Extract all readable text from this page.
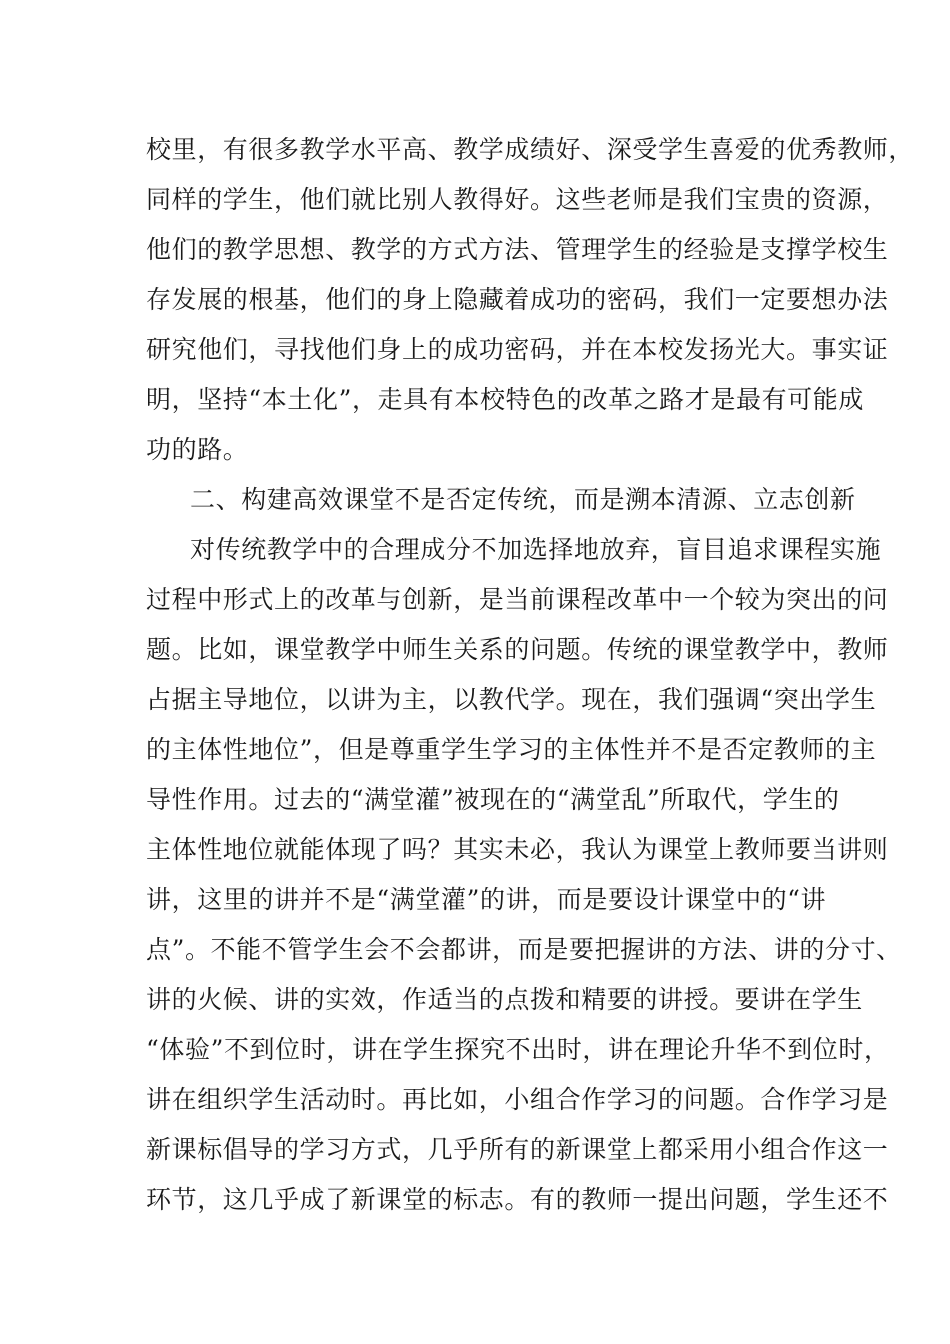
校里，有很多教学水平高、教学成绩好、深受学生喜爱的优秀教师，
同样的学生，他们就比别人教得好。这些老师是我们宝贵的资源，
他们的教学思想、教学的方式方法、管理学生的经验是支撑学校生
存发展的根基，他们的身上隐藏着成功的密码，我们一定要想办法
研究他们，寻找他们身上的成功密码，并在本校发扬光大。事实证
明，坚持“本土化”，走具有本校特色的改革之路才是最有可能成
功的路。
二、构建高效课堂不是否定传统，而是溯本清源、立志创新
对传统教学中的合理成分不加选择地放弃，盲目追求课程实施
过程中形式上的改革与创新，是当前课程改革中一个较为突出的问
题。比如，课堂教学中师生关系的问题。传统的课堂教学中，教师
占据主导地位，以讲为主，以教代学。现在，我们强调“突出学生
的主体性地位”，但是尊重学生学习的主体性并不是否定教师的主
导性作用。过去的“满堂灌”被现在的“满堂乱”所取代，学生的
主体性地位就能体现了吗？其实未必，我认为课堂上教师要当讲则
讲，这里的讲并不是“满堂灌”的讲，而是要设计课堂中的“讲
点”。不能不管学生会不会都讲，而是要把握讲的方法、讲的分寸、
讲的火候、讲的实效，作适当的点拨和精要的讲授。要讲在学生
“体验”不到位时，讲在学生探究不出时，讲在理论升华不到位时，
讲在组织学生活动时。再比如，小组合作学习的问题。合作学习是
新课标倡导的学习方式，几乎所有的新课堂上都采用小组合作这一
环节，这几乎成了新课堂的标志。有的教师一提出问题，学生还不
